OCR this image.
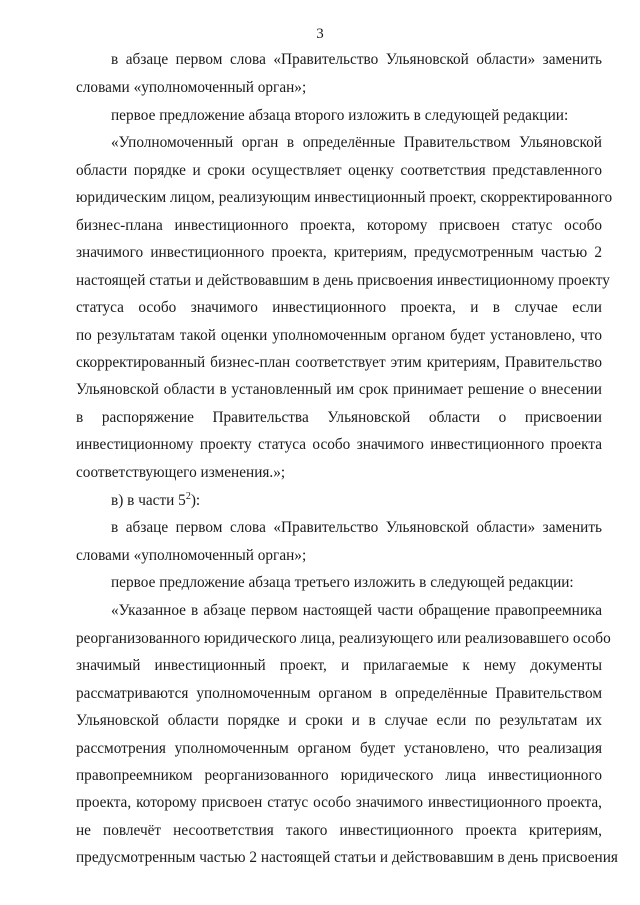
3
в абзаце первом слова «Правительство Ульяновской области» заменить
словами «уполномоченный орган»;
первое предложение абзаца второго изложить в следующей редакции:
«Уполномоченный орган в определённые Правительством Ульяновской
области порядке и сроки осуществляет оценку соответствия представленного
юридическим лицом, реализующим инвестиционный проект, скорректированного
бизнес-плана инвестиционного проекта, которому присвоен статус особо
значимого инвестиционного проекта, критериям, предусмотренным частью 2
настоящей статьи и действовавшим в день присвоения инвестиционному проекту
статуса особо значимого инвестиционного проекта, и в случае если
по результатам такой оценки уполномоченным органом будет установлено, что
скорректированный бизнес-план соответствует этим критериям, Правительство
Ульяновской области в установленный им срок принимает решение о внесении
в распоряжение Правительства Ульяновской области о присвоении
инвестиционному проекту статуса особо значимого инвестиционного проекта
соответствующего изменения.»;
в) в части $5^2$):
в абзаце первом слова «Правительство Ульяновской области» заменить
словами «уполномоченный орган»;
первое предложение абзаца третьего изложить в следующей редакции:
«Указанное в абзаце первом настоящей части обращение правопреемника
реорганизованного юридического лица, реализующего или реализовавшего особо
значимый инвестиционный проект, и прилагаемые к нему документы
рассматриваются уполномоченным органом в определённые Правительством
Ульяновской области порядке и сроки и в случае если по результатам их
рассмотрения уполномоченным органом будет установлено, что реализация
правопреемником реорганизованного юридического лица инвестиционного
проекта, которому присвоен статус особо значимого инвестиционного проекта,
не повлечёт несоответствия такого инвестиционного проекта критериям,
предусмотренным частью 2 настоящей статьи и действовавшим в день присвоения
